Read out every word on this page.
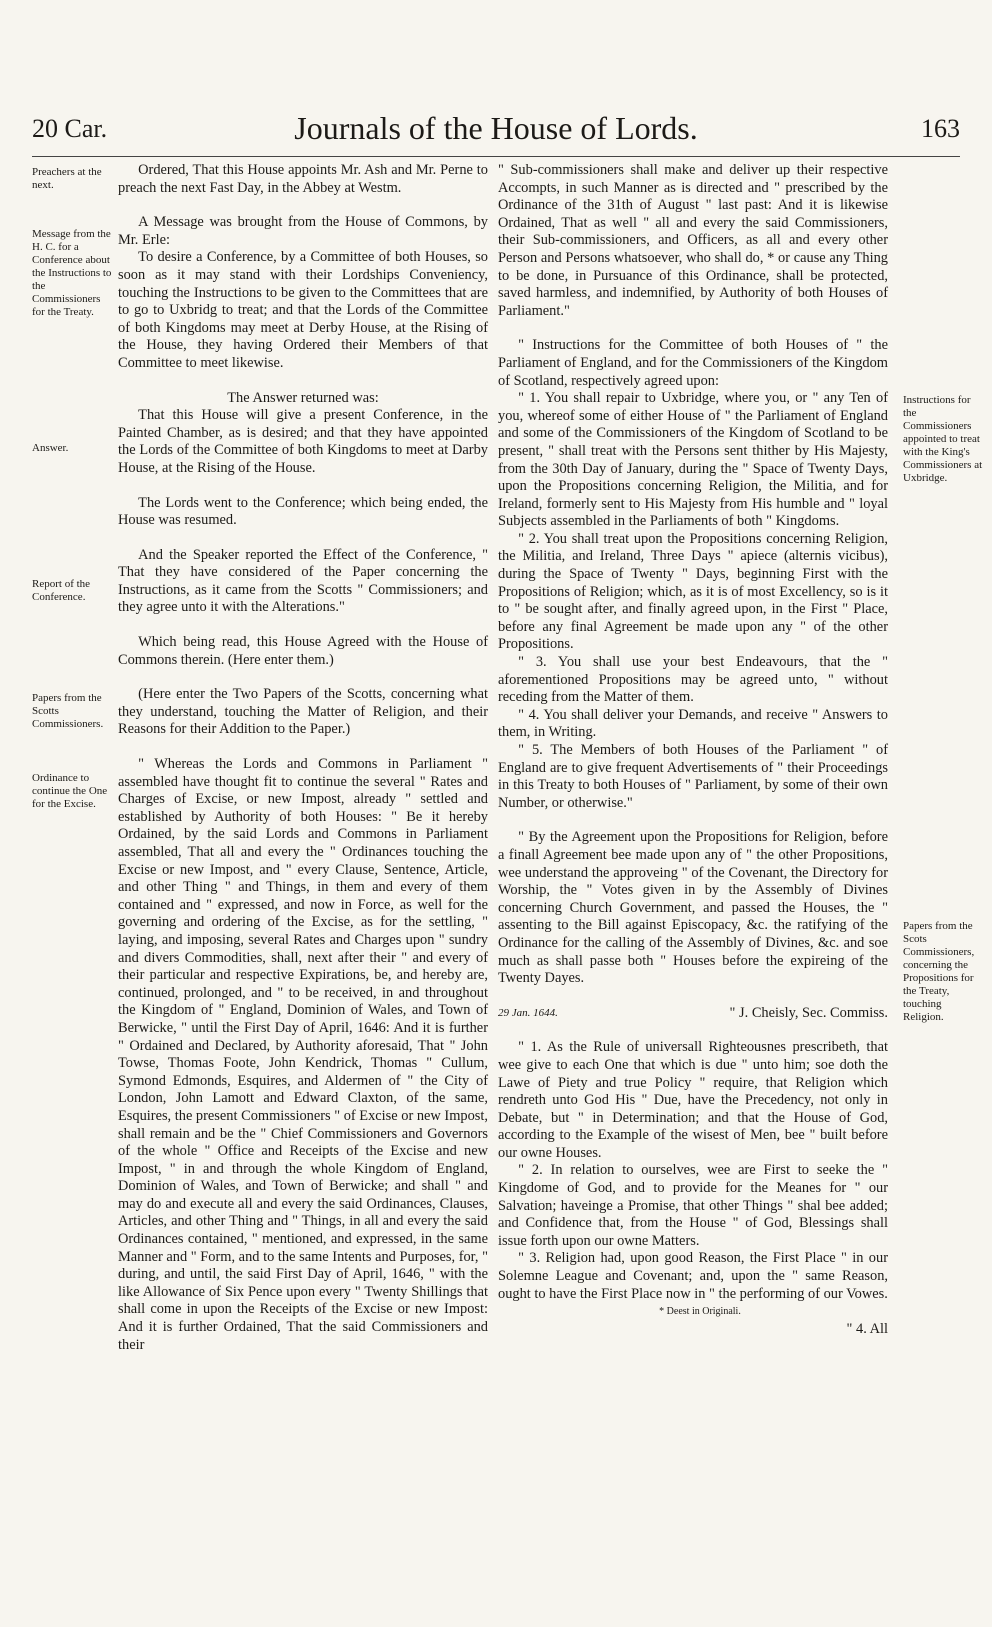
20 Car.	Journals of the House of Lords.	163
Preachers at the next.
Message from the H. C. for a Conference about the Instructions to the Commissioners for the Treaty.
Answer.
Report of the Conference.
Papers from the Scotts Commissioners.
Ordinance to continue the One for the Excise.
Instructions for the Commissioners appointed to treat with the King's Commissioners at Uxbridge.
Papers from the Scots Commissioners, concerning the Propositions for the Treaty, touching Religion.

Ordered, That this House appoints Mr. Ash and Mr. Perne to preach the next Fast Day, in the Abbey at Westm.

A Message was brought from the House of Commons, by Mr. Erle:

To desire a Conference, by a Committee of both Houses, so soon as it may stand with their Lordships Conveniency, touching the Instructions to be given to the Committees that are to go to Uxbridg to treat; and that the Lords of the Committee of both Kingdoms may meet at Derby House, at the Rising of the House, they having Ordered their Members of that Committee to meet likewise.

The Answer returned was:

That this House will give a present Conference, in the Painted Chamber, as is desired; and that they have appointed the Lords of the Committee of both Kingdoms to meet at Darby House, at the Rising of the House.

The Lords went to the Conference; which being ended, the House was resumed.

And the Speaker reported the Effect of the Conference, " That they have considered of the Paper concerning the Instructions, as it came from the Scotts " Commissioners; and they agree unto it with the Alterations."

Which being read, this House Agreed with the House of Commons therein. (Here enter them.)

(Here enter the Two Papers of the Scotts, concerning what they understand, touching the Matter of Religion, and their Reasons for their Addition to the Paper.)

" Whereas the Lords and Commons in Parliament " assembled have thought fit to continue the several " Rates and Charges of Excise, or new Impost, already " settled and established by Authority of both Houses: " Be it hereby Ordained, by the said Lords and Commons in Parliament assembled, That all and every the " Ordinances touching the Excise or new Impost, and " every Clause, Sentence, Article, and other Thing " and Things, in them and every of them contained and " expressed, and now in Force, as well for the governing and ordering of the Excise, as for the settling, " laying, and imposing, several Rates and Charges upon " sundry and divers Commodities, shall, next after their " and every of their particular and respective Expirations, be, and hereby are, continued, prolonged, and " to be received, in and throughout the Kingdom of " England, Dominion of Wales, and Town of Berwicke, " until the First Day of April, 1646: And it is further " Ordained and Declared, by Authority aforesaid, That " John Towse, Thomas Foote, John Kendrick, Thomas " Cullum, Symond Edmonds, Esquires, and Aldermen of " the City of London, John Lamott and Edward Claxton, of the same, Esquires, the present Commissioners " of Excise or new Impost, shall remain and be the " Chief Commissioners and Governors of the whole " Office and Receipts of the Excise and new Impost, " in and through the whole Kingdom of England, Dominion of Wales, and Town of Berwicke; and shall " and may do and execute all and every the said Ordinances, Clauses, Articles, and other Thing and " Things, in all and every the said Ordinances contained, " mentioned, and expressed, in the same Manner and " Form, and to the same Intents and Purposes, for, " during, and until, the said First Day of April, 1646, " with the like Allowance of Six Pence upon every " Twenty Shillings that shall come in upon the Receipts of the Excise or new Impost: And it is further Ordained, That the said Commissioners and their

" Sub-commissioners shall make and deliver up their respective Accompts, in such Manner as is directed and " prescribed by the Ordinance of the 31th of August " last past: And it is likewise Ordained, That as well " all and every the said Commissioners, their Sub-commissioners, and Officers, as all and every other Person and Persons whatsoever, who shall do, * or cause any Thing to be done, in Pursuance of this Ordinance, shall be protected, saved harmless, and indemnified, by Authority of both Houses of Parliament."

" Instructions for the Committee of both Houses of " the Parliament of England, and for the Commissioners of the Kingdom of Scotland, respectively agreed upon:

" 1. You shall repair to Uxbridge, where you, or " any Ten of you, whereof some of either House of " the Parliament of England and some of the Commissioners of the Kingdom of Scotland to be present, " shall treat with the Persons sent thither by His Majesty, from the 30th Day of January, during the " Space of Twenty Days, upon the Propositions concerning Religion, the Militia, and for Ireland, formerly sent to His Majesty from His humble and " loyal Subjects assembled in the Parliaments of both " Kingdoms.

" 2. You shall treat upon the Propositions concerning Religion, the Militia, and Ireland, Three Days " apiece (alternis vicibus), during the Space of Twenty " Days, beginning First with the Propositions of Religion; which, as it is of most Excellency, so is it to " be sought after, and finally agreed upon, in the First " Place, before any final Agreement be made upon any " of the other Propositions.

" 3. You shall use your best Endeavours, that the " aforementioned Propositions may be agreed unto, " without receding from the Matter of them.

" 4. You shall deliver your Demands, and receive " Answers to them, in Writing.

" 5. The Members of both Houses of the Parliament " of England are to give frequent Advertisements of " their Proceedings in this Treaty to both Houses of " Parliament, by some of their own Number, or otherwise."

" By the Agreement upon the Propositions for Religion, before a finall Agreement bee made upon any of " the other Propositions, wee understand the approveing " of the Covenant, the Directory for Worship, the " Votes given in by the Assembly of Divines concerning Church Government, and passed the Houses, the " assenting to the Bill against Episcopacy, &c. the ratifying of the Ordinance for the calling of the Assembly of Divines, &c. and soe much as shall passe both " Houses before the expireing of the Twenty Dayes.

29 Jan. 1644.	" J. Cheisly, Sec. Commiss.

" 1. As the Rule of universall Righteousnes prescribeth, that wee give to each One that which is due " unto him; soe doth the Lawe of Piety and true Policy " require, that Religion which rendreth unto God His " Due, have the Precedency, not only in Debate, but " in Determination; and that the House of God, according to the Example of the wisest of Men, bee " built before our owne Houses.

" 2. In relation to ourselves, wee are First to seeke the " Kingdome of God, and to provide for the Meanes for " our Salvation; haveinge a Promise, that other Things " shal bee added; and Confidence that, from the House " of God, Blessings shall issue forth upon our owne Matters.

" 3. Religion had, upon good Reason, the First Place " in our Solemne League and Covenant; and, upon the " same Reason, ought to have the First Place now in " the performing of our Vowes.

* Deest in Originali.

" 4. All
